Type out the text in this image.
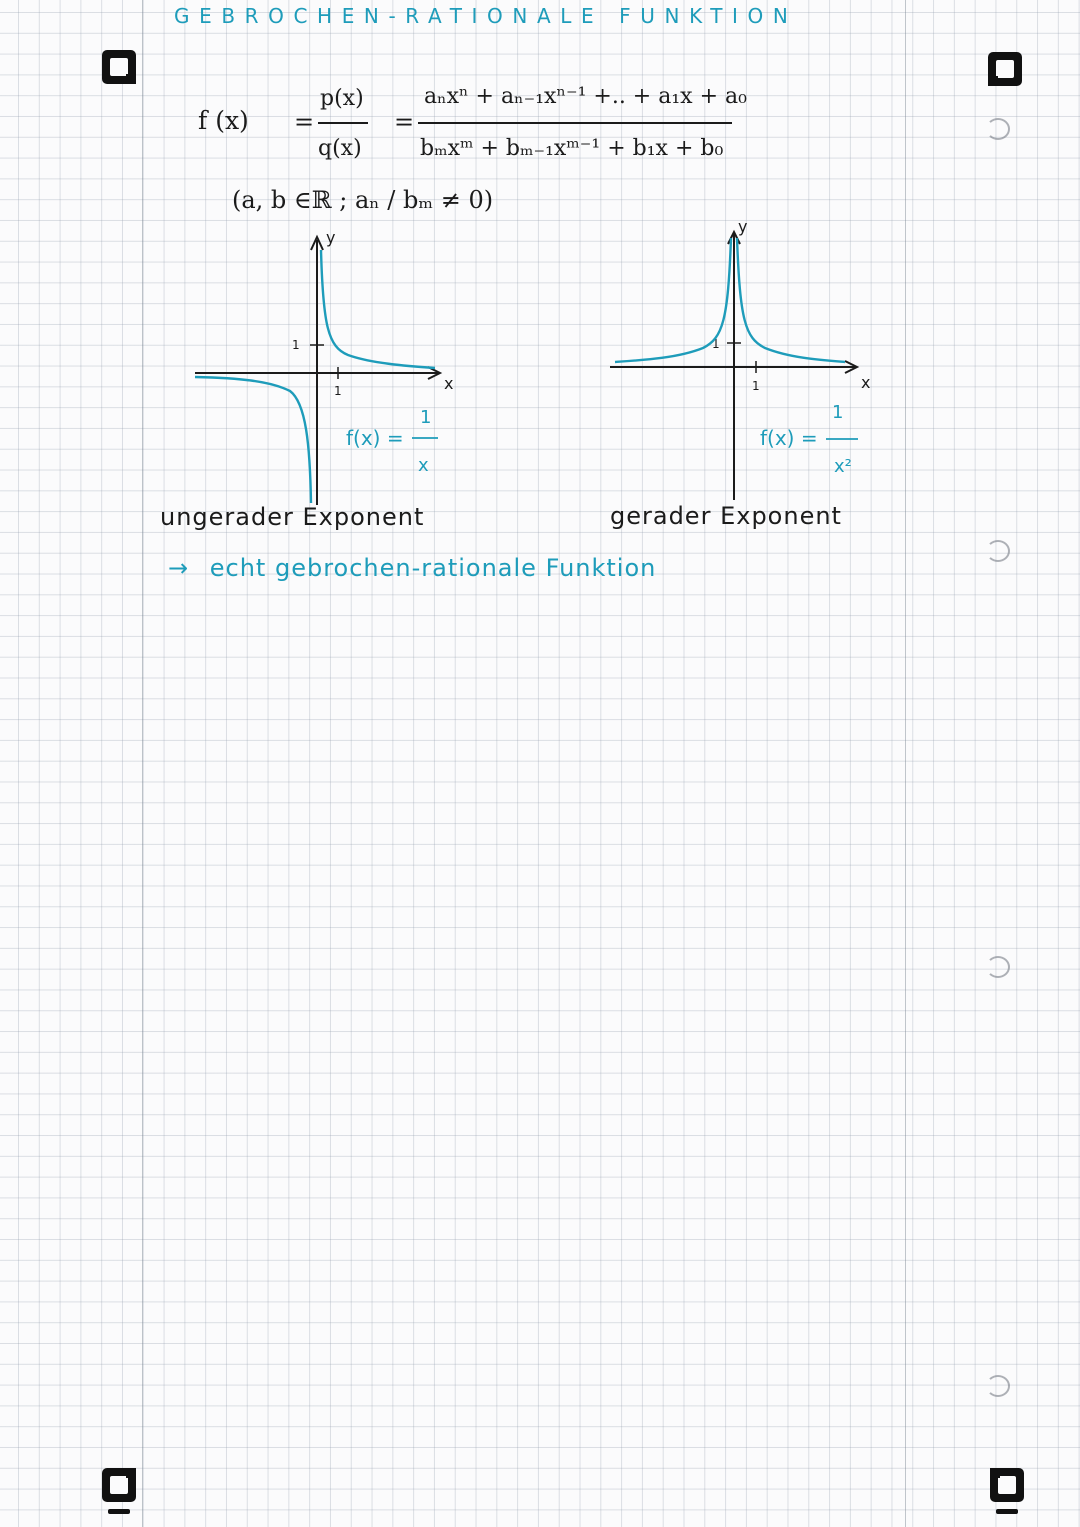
GEBROCHEN-RATIONALE FUNKTION
f (x) =
p(x)
q(x)
=
aₙxⁿ + aₙ₋₁xⁿ⁻¹ +.. + a₁x + a₀
bₘxᵐ + bₘ₋₁xᵐ⁻¹ + b₁x + b₀
(a, b ∈ℝ ; aₙ / bₘ ≠ 0)
y
x
1
1
f(x) =
1
x
y
x
1
1
f(x) =
1
x²
ungerader Exponent	gerader Exponent
→ echt gebrochen-rationale Funktion
